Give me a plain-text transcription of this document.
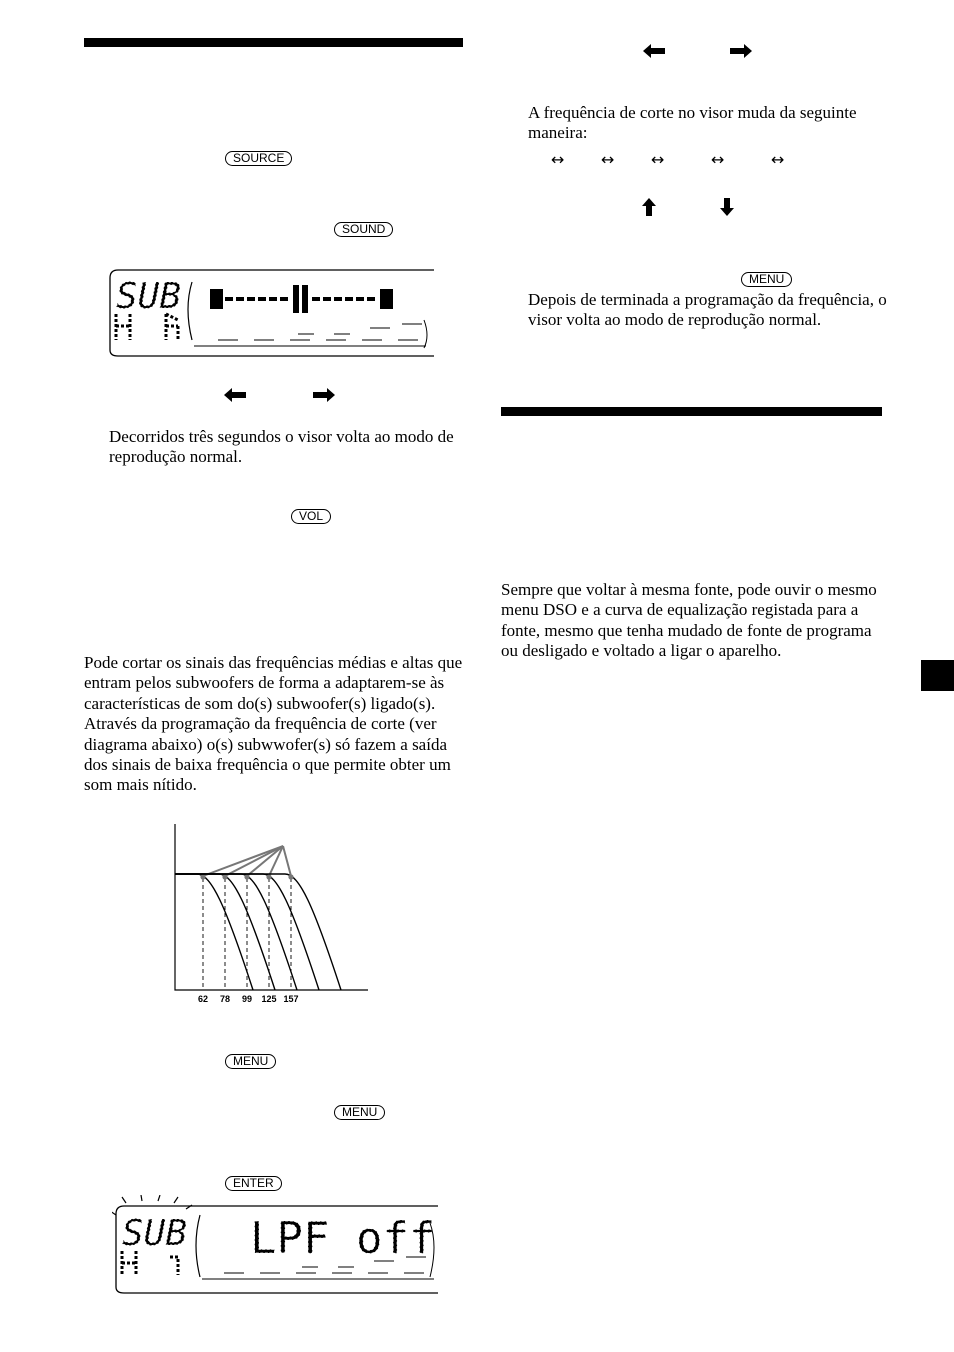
SOURCE
SOUND
VOL
MENU
MENU
ENTER
MENU
SUB
Decorridos três segundos o visor volta ao modo de reprodução normal.
Pode cortar os sinais das frequências médias e altas que entram pelos subwoofers de forma a adaptarem-se às características de som do(s) subwoofer(s) ligado(s). Através da programação da frequência de corte (ver diagrama abaixo) o(s) subwwofer(s) só fazem a saída dos sinais de baixa frequência o que permite obter um som mais nítido.
62 78 99 125 157
SUB LPF off
A frequência de corte no visor muda da seguinte maneira:
↔ ↔ ↔	↔	↔
Depois de terminada a programação da frequência, o visor volta ao modo de reprodução normal.
Sempre que voltar à mesma fonte, pode ouvir o mesmo menu DSO e a curva de equalização registada para a fonte, mesmo que tenha mudado de fonte de programa ou desligado e voltado a ligar o aparelho.
